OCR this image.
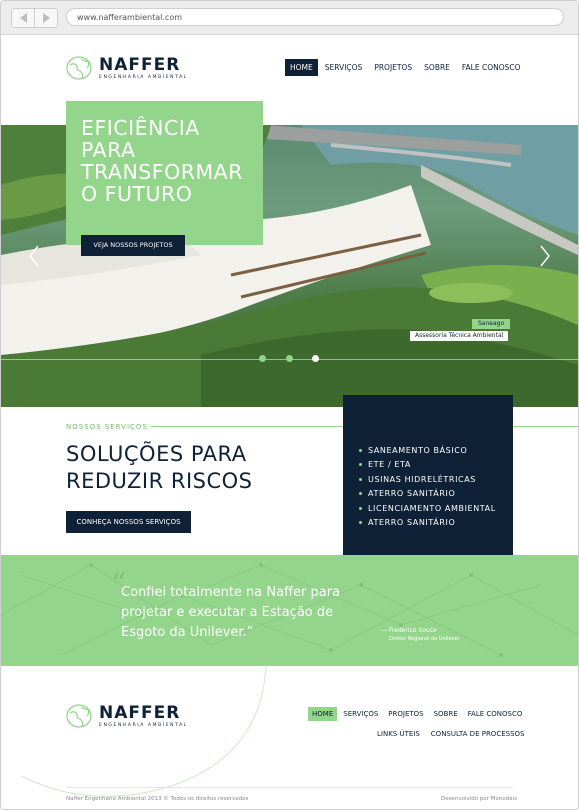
www.nafferambiental.com
NAFFER
ENGENHARIA AMBIENTAL
HOME	SERVIÇOS	PROJETOS	SOBRE	FALE CONOSCO
EFICIÊNCIA PARA TRANSFORMAR O FUTURO
VEJA NOSSOS PROJETOS
Saneago
Assessoria Técnica Ambiental
NOSSOS SERVIÇOS
SOLUÇÕES PARA REDUZIR RISCOS
CONHEÇA NOSSOS SERVIÇOS
SANEAMENTO BÁSICO
ETE / ETA
USINAS HIDRELÉTRICAS
ATERRO SANITÁRIO
LICENCIAMENTO AMBIENTAL
ATERRO SANITÁRIO
“
Confiei totalmente na Naffer para projetar e executar a Estação de Esgoto da Unilever.”	— Frederico Souza
Diretor Regional da Unilever
NAFFER
ENGENHARIA AMBIENTAL
HOME	SERVIÇOS	PROJETOS	SOBRE	FALE CONOSCO
LINKS ÚTEIS	CONSULTA DE PROCESSOS
Naffer Engenharia Ambiental 2013 © Todos os direitos reservados	Desenvolvido por Monodais
